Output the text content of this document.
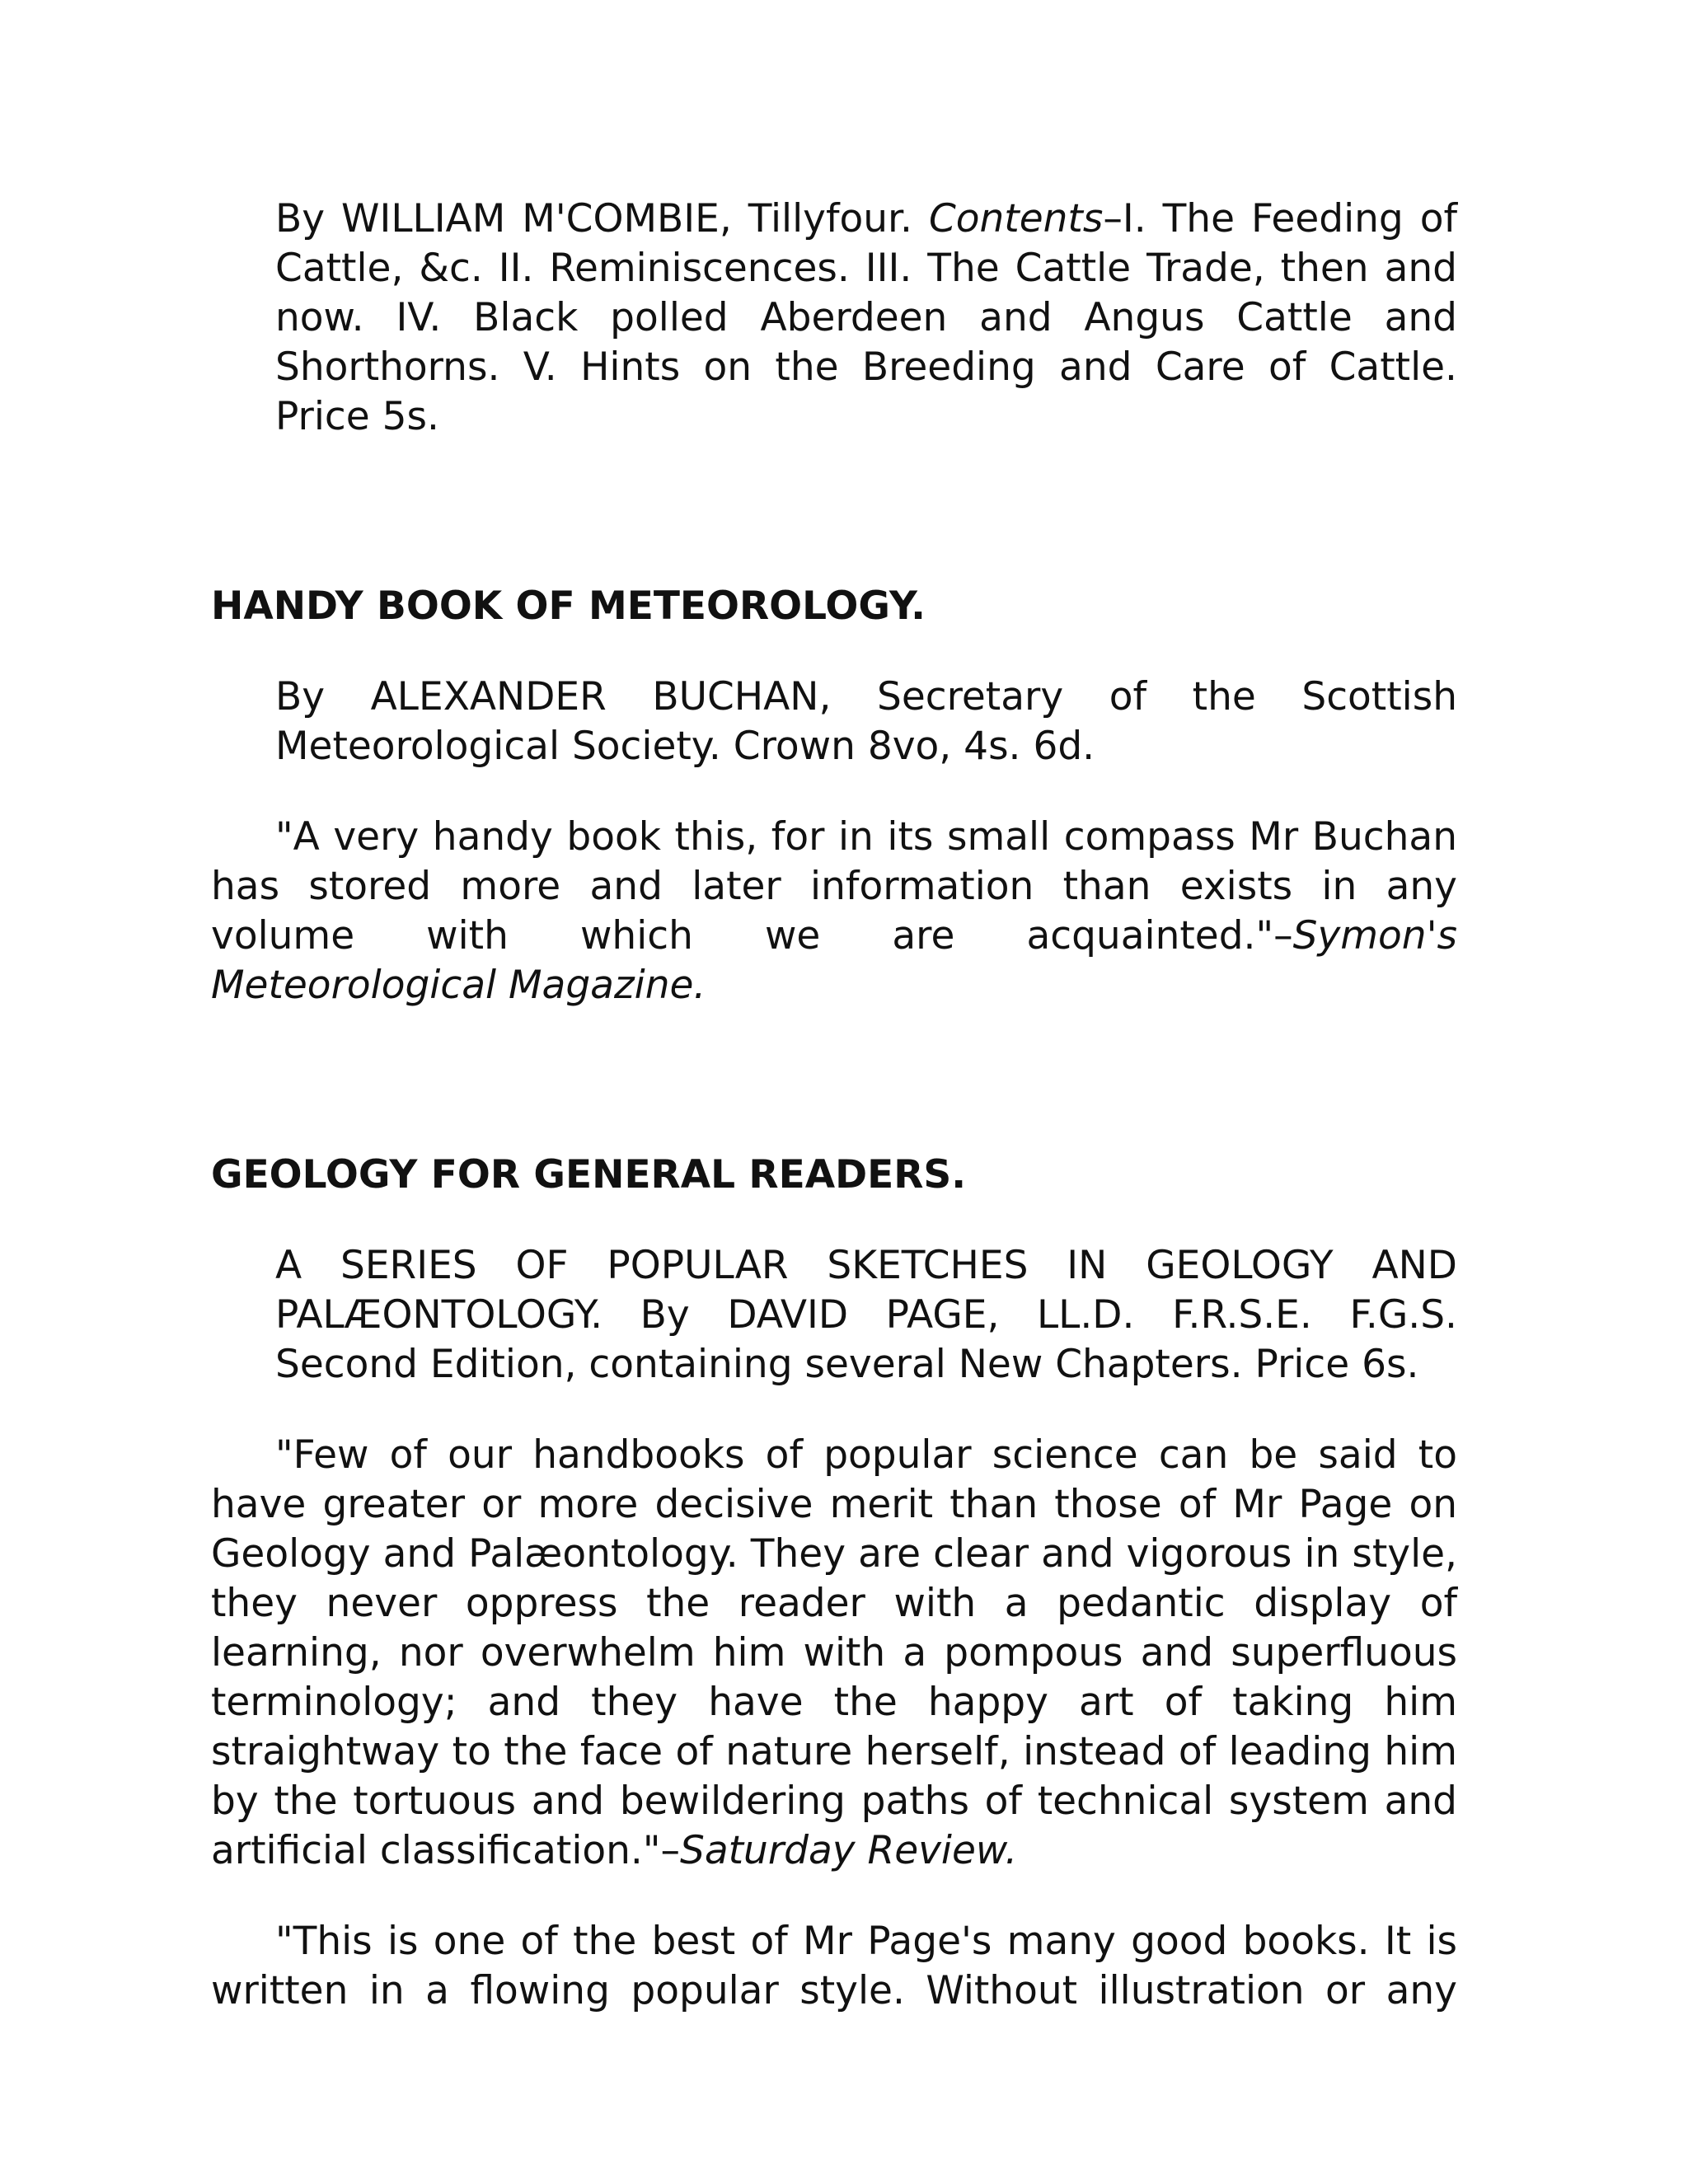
By WILLIAM M'COMBIE, Tillyfour. Contents–I. The Feeding of Cattle, &c. II. Reminiscences. III. The Cattle Trade, then and now. IV. Black polled Aberdeen and Angus Cattle and Shorthorns. V. Hints on the Breeding and Care of Cattle. Price 5s.

HANDY BOOK OF METEOROLOGY.

By ALEXANDER BUCHAN, Secretary of the Scottish Meteorological Society. Crown 8vo, 4s. 6d.

"A very handy book this, for in its small compass Mr Buchan has stored more and later information than exists in any volume with which we are acquainted."–Symon's Meteorological Magazine.

GEOLOGY FOR GENERAL READERS.

A SERIES OF POPULAR SKETCHES IN GEOLOGY AND PALÆONTOLOGY. By DAVID PAGE, LL.D. F.R.S.E. F.G.S. Second Edition, containing several New Chapters. Price 6s.

"Few of our handbooks of popular science can be said to have greater or more decisive merit than those of Mr Page on Geology and Palæontology. They are clear and vigorous in style, they never oppress the reader with a pedantic display of learning, nor overwhelm him with a pompous and superfluous terminology; and they have the happy art of taking him straightway to the face of nature herself, instead of leading him by the tortuous and bewildering paths of technical system and artificial classification."–Saturday Review.

"This is one of the best of Mr Page's many good books. It is written in a flowing popular style. Without illustration or any
